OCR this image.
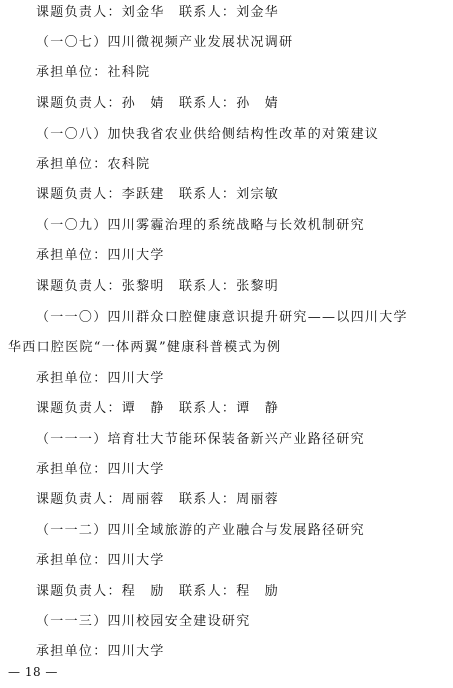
课题负责人：刘金华　联系人：刘金华
（一〇七）四川微视频产业发展状况调研
承担单位：社科院
课题负责人：孙　婧　联系人：孙　婧
（一〇八）加快我省农业供给侧结构性改革的对策建议
承担单位：农科院
课题负责人：李跃建　联系人：刘宗敏
（一〇九）四川雾霾治理的系统战略与长效机制研究
承担单位：四川大学
课题负责人：张黎明　联系人：张黎明
（一一〇）四川群众口腔健康意识提升研究——以四川大学
华西口腔医院“一体两翼”健康科普模式为例
承担单位：四川大学
课题负责人：谭　静　联系人：谭　静
（一一一）培育壮大节能环保装备新兴产业路径研究
承担单位：四川大学
课题负责人：周丽蓉　联系人：周丽蓉
（一一二）四川全域旅游的产业融合与发展路径研究
承担单位：四川大学
课题负责人：程　励　联系人：程　励
（一一三）四川校园安全建设研究
承担单位：四川大学
— 18 —
